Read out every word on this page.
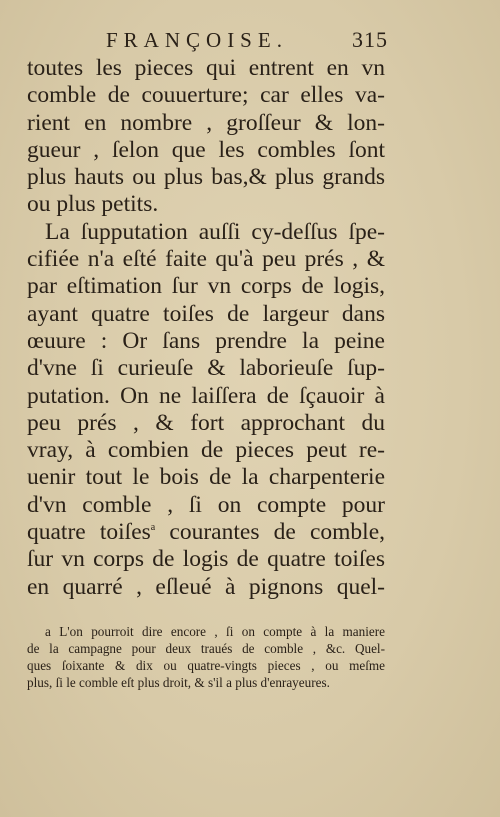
FRANÇOISE.	315
toutes les pieces qui entrent en vn
comble de couuerture; car elles va-
rient en nombre , groſſeur & lon-
gueur , ſelon que les combles ſont
plus hauts ou plus bas,& plus grands
ou plus petits.
La ſupputation auſſi cy-deſſus ſpe-
cifiée n'a eſté faite qu'à peu prés , &
par eſtimation ſur vn corps de logis,
ayant quatre toiſes de largeur dans
œuure : Or ſans prendre la peine
d'vne ſi curieuſe & laborieuſe ſup-
putation. On ne laiſſera de ſçauoir à
peu prés , & fort approchant du
vray, à combien de pieces peut re-
uenir tout le bois de la charpenterie
d'vn comble , ſi on compte pour
quatre toiſes$^a$ courantes de comble,
ſur vn corps de logis de quatre toiſes
en quarré , eſleué à pignons quel-
a L'on pourroit dire encore , ſi on compte à la maniere
de la campagne pour deux traués de comble , &c. Quel-
ques ſoixante & dix ou quatre-vingts pieces , ou meſme
plus, ſi le comble eſt plus droit, & s'il a plus d'enrayeures.
